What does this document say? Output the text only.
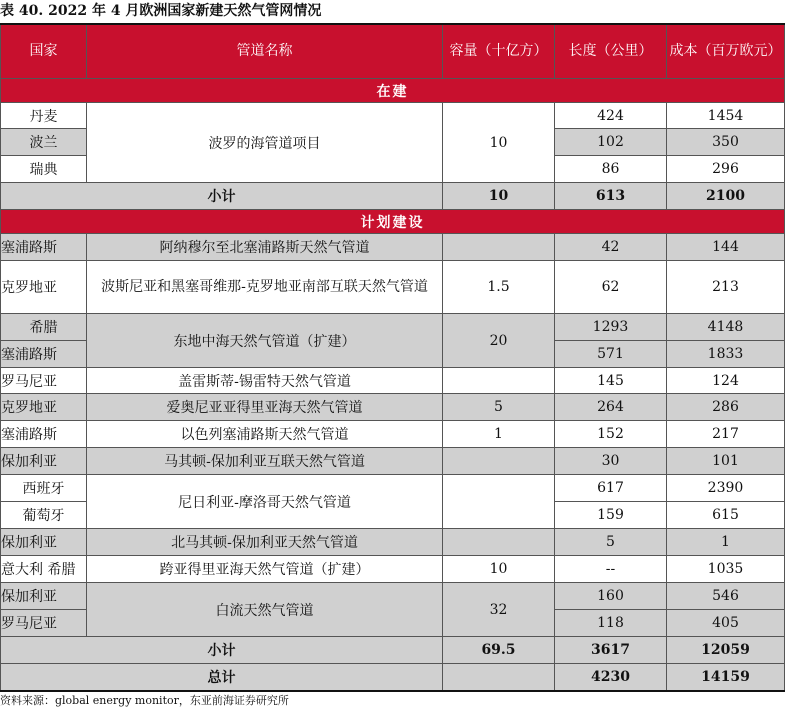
表 40. 2022 年 4 月欧洲国家新建天然气管网情况
国家	管道名称	容量（十亿方）	长度（公里）	成本（百万欧元）
在建				
丹麦	波罗的海管道项目	10	424	1454
波兰			102	350
瑞典			86	296
小计		10	613	2100
计划建设				
塞浦路斯	阿纳穆尔至北塞浦路斯天然气管道		42	144
克罗地亚	波斯尼亚和黑塞哥维那-克罗地亚南部互联天然气管道	1.5	62	213
希腊	东地中海天然气管道（扩建）	20	1293	4148
塞浦路斯			571	1833
罗马尼亚	盖雷斯蒂-锡雷特天然气管道		145	124
克罗地亚	爱奥尼亚亚得里亚海天然气管道	5	264	286
塞浦路斯	以色列塞浦路斯天然气管道	1	152	217
保加利亚	马其顿-保加利亚互联天然气管道		30	101
西班牙	尼日利亚-摩洛哥天然气管道		617	2390
葡萄牙			159	615
保加利亚	北马其顿-保加利亚天然气管道		5	1
意大利 希腊	跨亚得里亚海天然气管道（扩建）	10	--	1035
保加利亚	白流天然气管道	32	160	546
罗马尼亚			118	405
小计		69.5	3617	12059
总计			4230	14159
资料来源：global energy monitor，东亚前海证券研究所
